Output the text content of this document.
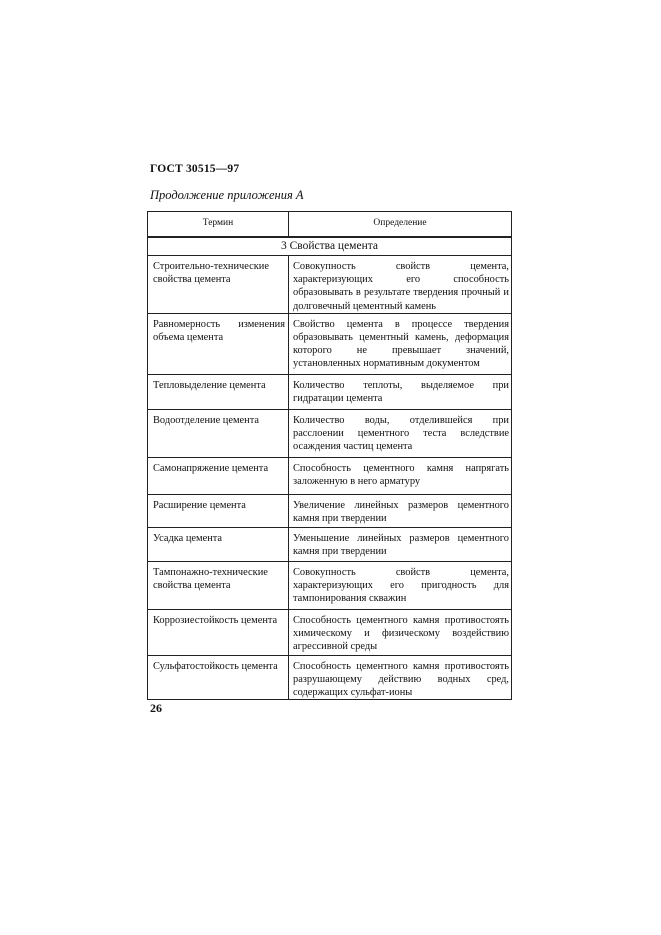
ГОСТ 30515—97
Продолжение приложения А
Термин	Определение
3 Свойства цемента	
Строительно-технические свойства цемента	Совокупность свойств цемента, характеризующих его способность образовывать в результате твердения прочный и долговечный цементный камень
Равномерность изменения объема цемента	Свойство цемента в процессе твердения образовывать цементный камень, деформация которого не превышает значений, установленных нормативным документом
Тепловыделение цемента	Количество теплоты, выделяемое при гидратации цемента
Водоотделение цемента	Количество воды, отделившейся при расслоении цементного теста вследствие осаждения частиц цемента
Самонапряжение цемента	Способность цементного камня напрягать заложенную в него арматуру
Расширение цемента	Увеличение линейных размеров цементного камня при твердении
Усадка цемента	Уменьшение линейных размеров цементного камня при твердении
Тампонажно-технические свойства цемента	Совокупность свойств цемента, характеризующих его пригодность для тампонирования скважин
Коррозиестойкость цемента	Способность цементного камня противостоять химическому и физическому воздействию агрессивной среды
Сульфатостойкость цемента	Способность цементного камня противостоять разрушающему действию водных сред, содержащих сульфат-ионы
26
